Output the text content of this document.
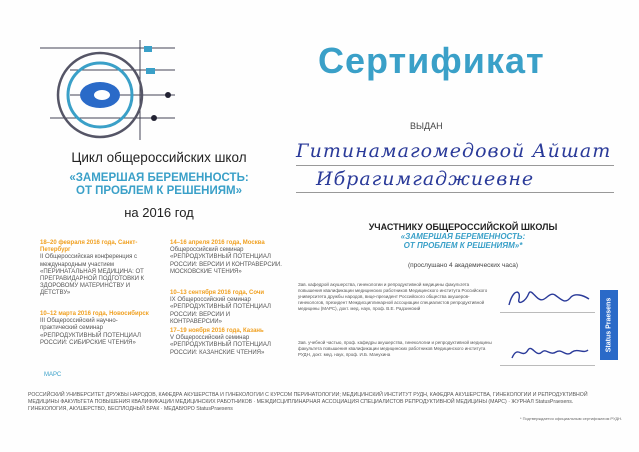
Цикл общероссийских школ
«ЗАМЕРШАЯ БЕРЕМЕННОСТЬ:
ОТ ПРОБЛЕМ К РЕШЕНИЯМ»
на 2016 год
18–20 февраля 2016 года, Санкт-Петербург
II Общероссийская конференция с международным участием «ПЕРИНАТАЛЬНАЯ МЕДИЦИНА: ОТ ПРЕГРАВИДАРНОЙ ПОДГОТОВКИ К ЗДОРОВОМУ МАТЕРИНСТВУ И ДЕТСТВУ»
10–12 марта 2016 года, Новосибирск
III Общероссийский научно-практический семинар «РЕПРОДУКТИВНЫЙ ПОТЕНЦИАЛ РОССИИ: СИБИРСКИЕ ЧТЕНИЯ»
14–16 апреля 2016 года, Москва
Общероссийский семинар «РЕПРОДУКТИВНЫЙ ПОТЕНЦИАЛ РОССИИ: ВЕРСИИ И КОНТРАВЕРСИИ. МОСКОВСКИЕ ЧТЕНИЯ»
10–13 сентября 2016 года, Сочи
IX Общероссийский семинар «РЕПРОДУКТИВНЫЙ ПОТЕНЦИАЛ РОССИИ: ВЕРСИИ И КОНТРАВЕРСИИ»
17–19 ноября 2016 года, Казань
V Общероссийский семинар «РЕПРОДУКТИВНЫЙ ПОТЕНЦИАЛ РОССИИ: КАЗАНСКИЕ ЧТЕНИЯ»
МАРС
Сертификат
ВЫДАН
Гитинамагомедовой Айшат
Ибрагимгаджиевне
УЧАСТНИКУ ОБЩЕРОССИЙСКОЙ ШКОЛЫ
«ЗАМЕРШАЯ БЕРЕМЕННОСТЬ:
ОТ ПРОБЛЕМ К РЕШЕНИЯМ»*
(прослушано 4 академических часа)
Зав. кафедрой акушерства, гинекологии и репродуктивной медицины факультета повышения квалификации медицинских работников Медицинского института Российского университета дружбы народов, вице-президент Российского общества акушеров-гинекологов, президент Междисциплинарной ассоциации специалистов репродуктивной медицины (МАРС), докт. мед. наук, проф. В.Е. Радзинский
Зав. учебной частью, проф. кафедры акушерства, гинекологии и репродуктивной медицины факультета повышения квалификации медицинских работников Медицинского института РУДН, докт. мед. наук, проф. И.Б. Манухина
Status Praesens
РОССИЙСКИЙ УНИВЕРСИТЕТ ДРУЖБЫ НАРОДОВ, КАФЕДРА АКУШЕРСТВА И ГИНЕКОЛОГИИ С КУРСОМ ПЕРИНАТОЛОГИИ; МЕДИЦИНСКИЙ ИНСТИТУТ РУДН, КАФЕДРА АКУШЕРСТВА, ГИНЕКОЛОГИИ И РЕПРОДУКТИВНОЙ МЕДИЦИНЫ ФАКУЛЬТЕТА ПОВЫШЕНИЯ КВАЛИФИКАЦИИ МЕДИЦИНСКИХ РАБОТНИКОВ · МЕЖДИСЦИПЛИНАРНАЯ АССОЦИАЦИЯ СПЕЦИАЛИСТОВ РЕПРОДУКТИВНОЙ МЕДИЦИНЫ (МАРС) · ЖУРНАЛ StatusPraesens. ГИНЕКОЛОГИЯ, АКУШЕРСТВО, БЕСПЛОДНЫЙ БРАК · МЕДАБЮРО StatusPraesens
* Подтверждается официальным сертификатом РУДН.
